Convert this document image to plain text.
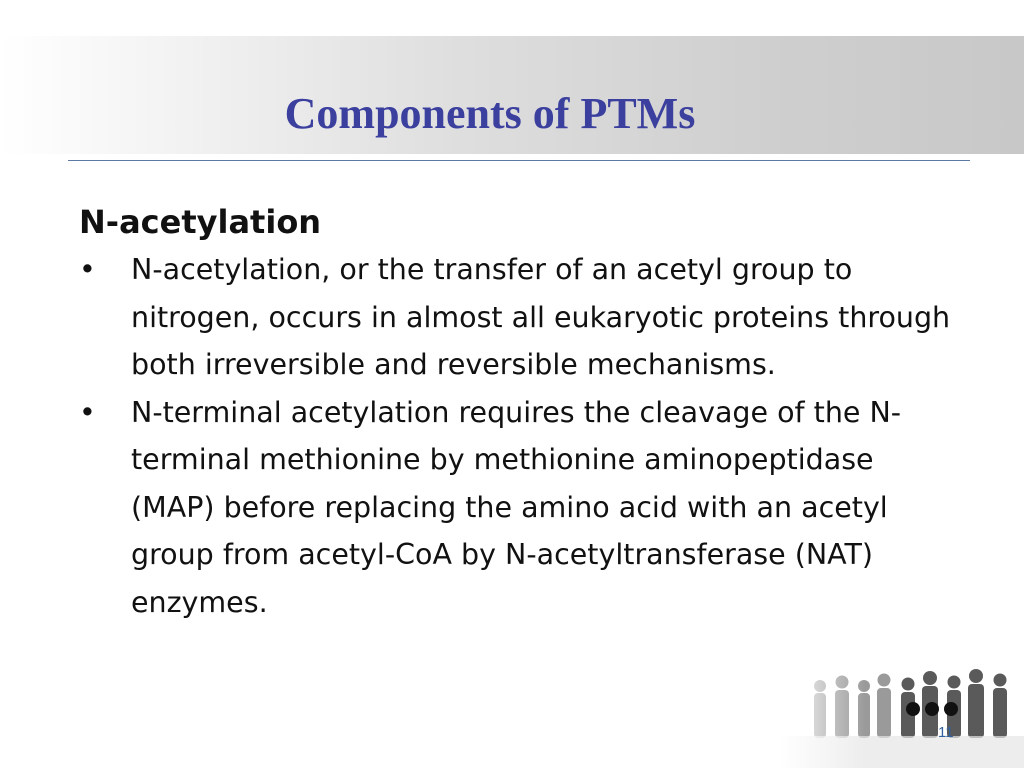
Components of PTMs
N-acetylation
•	N-acetylation, or the transfer of an acetyl group to nitrogen, occurs in almost all eukaryotic proteins through both irreversible and reversible mechanisms.
•	N-terminal acetylation requires the cleavage of the N-terminal methionine by methionine aminopeptidase (MAP) before replacing the amino acid with an acetyl group from acetyl-CoA by N-acetyltransferase (NAT) enzymes.
11
